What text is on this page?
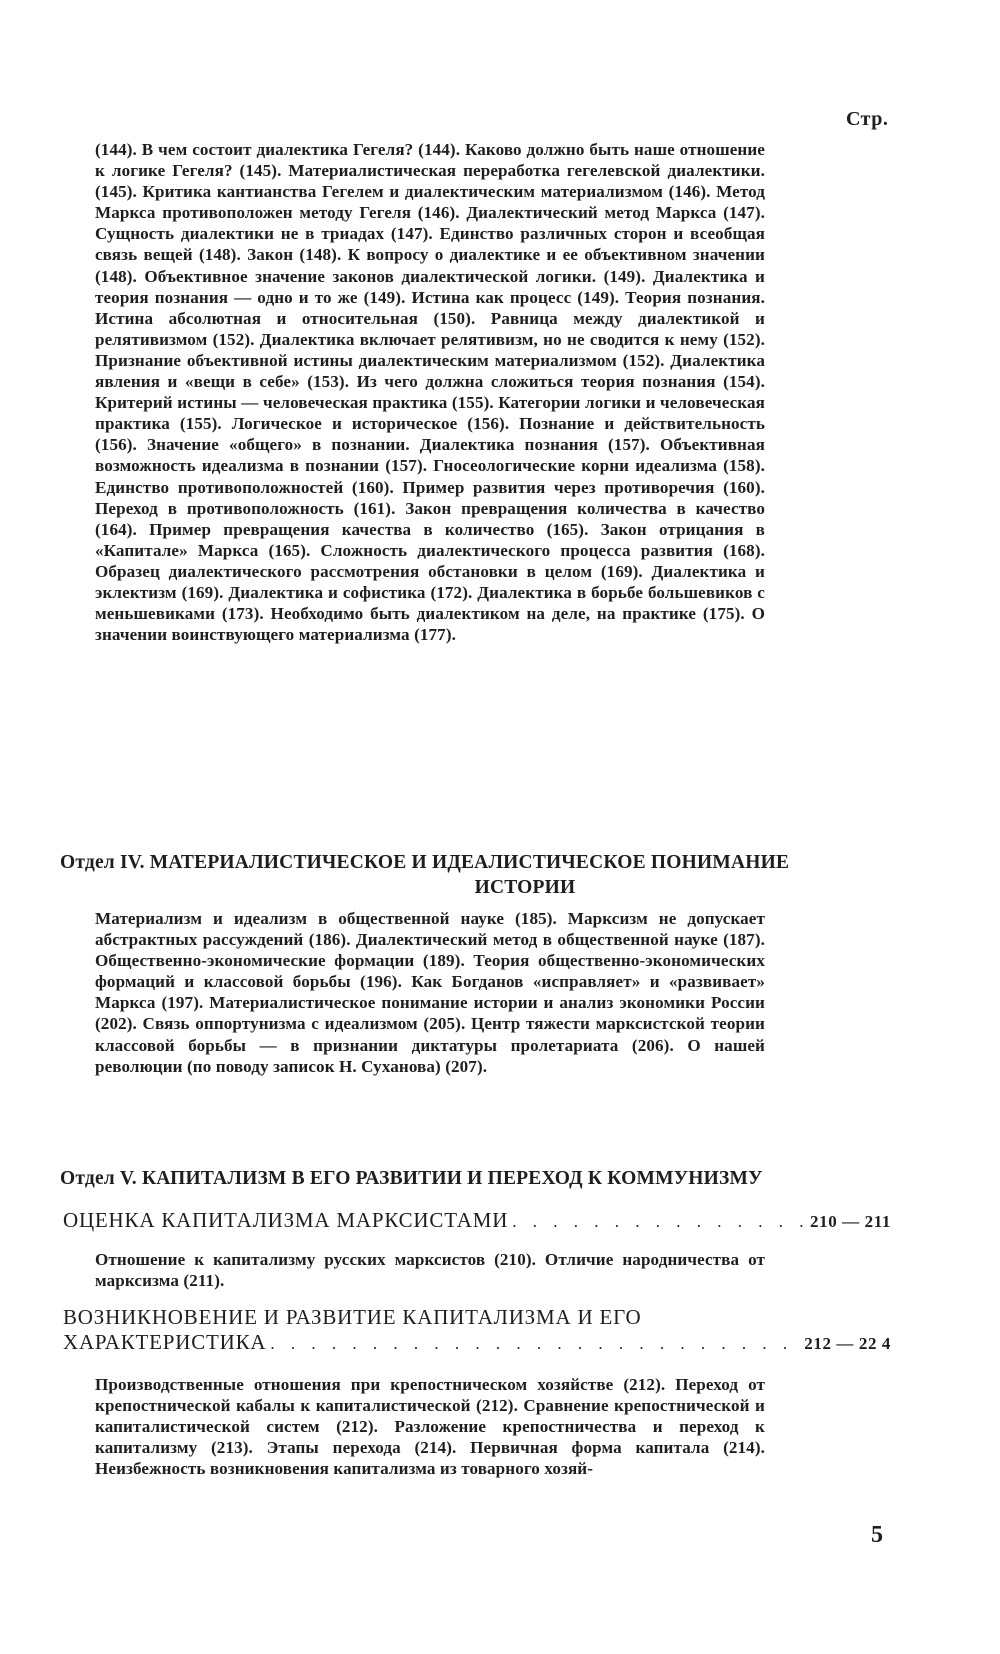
Стр.

(144). В чем состоит диалектика Гегеля? (144). Каково должно быть наше отношение к логике Гегеля? (145). Материалистическая переработка гегелевской диалектики. (145). Критика кантианства Гегелем и диалектическим материализмом (146). Метод Маркса противоположен методу Гегеля (146). Диалектический метод Маркса (147). Сущность диалектики не в триадах (147). Единство различных сторон и всеобщая связь вещей (148). Закон (148). К вопросу о диалектике и ее объективном значении (148). Объективное значение законов диалектической логики. (149). Диалектика и теория познания — одно и то же (149). Истина как процесс (149). Теория познания. Истина абсолютная и относительная (150). Равница между диалектикой и релятивизмом (152). Диалектика включает релятивизм, но не сводится к нему (152). Признание объективной истины диалектическим материализмом (152). Диалектика явления и «вещи в себе» (153). Из чего должна сложиться теория познания (154). Критерий истины — человеческая практика (155). Категории логики и человеческая практика (155). Логическое и историческое (156). Познание и действительность (156). Значение «общего» в познании. Диалектика познания (157). Объективная возможность идеализма в познании (157). Гносеологические корни идеализма (158). Единство противоположностей (160). Пример развития через противоречия (160). Переход в противоположность (161). Закон превращения количества в качество (164). Пример превращения качества в количество (165). Закон отрицания в «Капитале» Маркса (165). Сложность диалектического процесса развития (168). Образец диалектического рассмотрения обстановки в целом (169). Диалектика и эклектизм (169). Диалектика и софистика (172). Диалектика в борьбе большевиков с меньшевиками (173). Необходимо быть диалектиком на деле, на практике (175). О значении воинствующего материализма (177).

Отдел IV. МАТЕРИАЛИСТИЧЕСКОЕ И ИДЕАЛИСТИЧЕСКОЕ ПОНИМАНИЕ
ИСТОРИИ

Материализм и идеализм в общественной науке (185). Марксизм не допускает абстрактных рассуждений (186). Диалектический метод в общественной науке (187). Общественно-экономические формации (189). Теория общественно-экономических формаций и классовой борьбы (196). Как Богданов «исправляет» и «развивает» Маркса (197). Материалистическое понимание истории и анализ экономики России (202). Связь оппортунизма с идеализмом (205). Центр тяжести марксистской теории классовой борьбы — в признании диктатуры пролетариата (206). О нашей революции (по поводу записок Н. Суханова) (207).

Отдел V. КАПИТАЛИЗМ В ЕГО РАЗВИТИИ И ПЕРЕХОД К КОММУНИЗМУ
ОЦЕНКА КАПИТАЛИЗМА МАРКСИСТАМИ . . .	210 — 211

Отношение к капитализму русских марксистов (210). Отличие народничества от марксизма (211).

ВОЗНИКНОВЕНИЕ И РАЗВИТИЕ КАПИТАЛИЗМА И ЕГО
ХАРАКТЕРИСТИКА . . .	212 — 22 4

Производственные отношения при крепостническом хозяйстве (212). Переход от крепостнической кабалы к капиталистической (212). Сравнение крепостнической и капиталистической систем (212). Разложение крепостничества и переход к капитализму (213). Этапы перехода (214). Первичная форма капитала (214). Неизбежность возникновения капитализма из товарного хозяй-

5
